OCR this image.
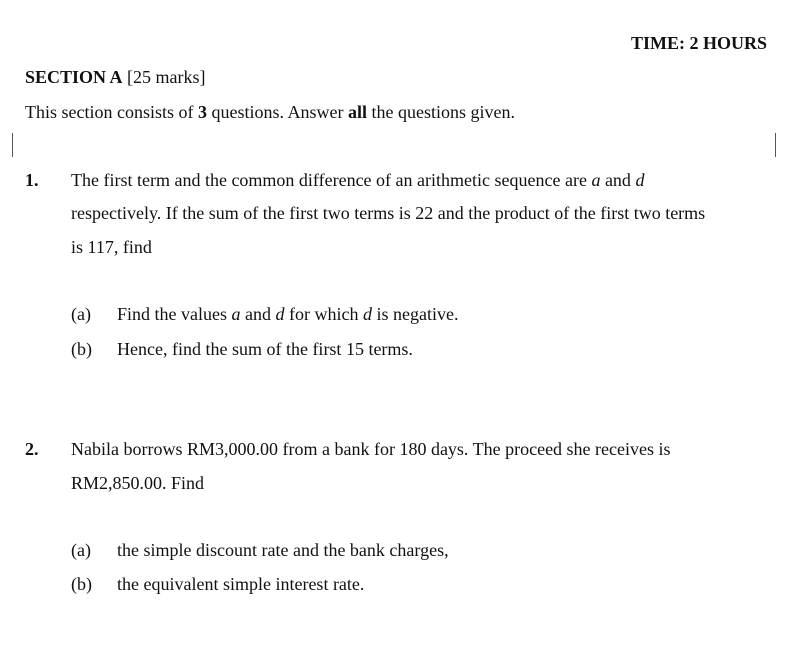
TIME: 2 HOURS
SECTION A [25 marks]
This section consists of 3 questions. Answer all the questions given.
1. The first term and the common difference of an arithmetic sequence are a and d
respectively. If the sum of the first two terms is 22 and the product of the first two terms
is 117, find
(a) Find the values a and d for which d is negative.
(b) Hence, find the sum of the first 15 terms.
2. Nabila borrows RM3,000.00 from a bank for 180 days. The proceed she receives is
RM2,850.00. Find
(a) the simple discount rate and the bank charges,
(b) the equivalent simple interest rate.
